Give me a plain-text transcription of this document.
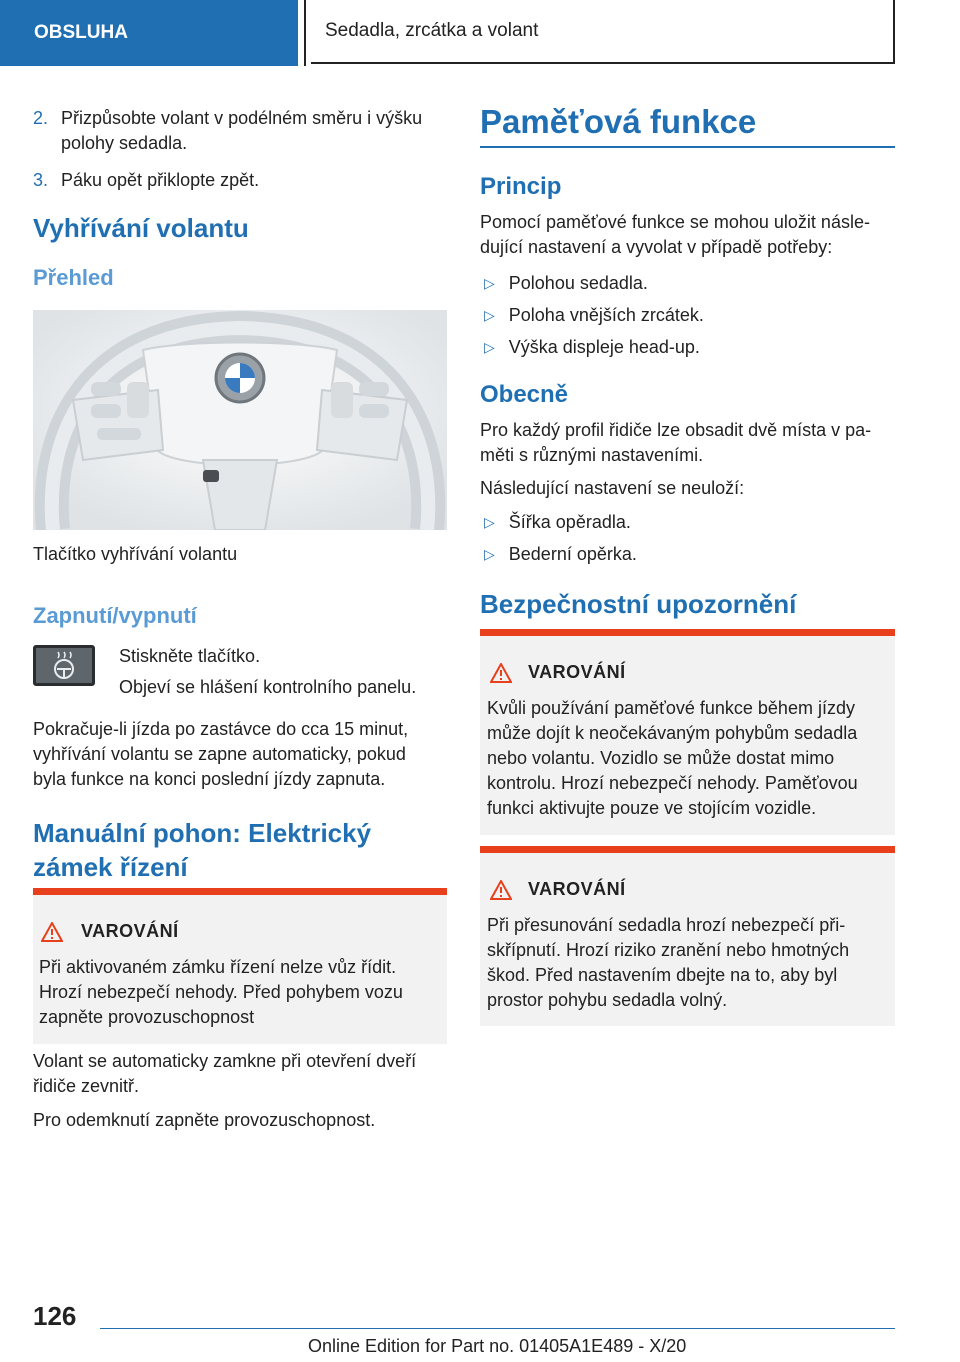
OBSLUHA	Sedadla, zrcátka a volant
2. Přizpůsobte volant v podélném směru i výšku
polohy sedadla.
3. Páku opět přiklopte zpět.
Vyhřívání volantu
Přehled
Tlačítko vyhřívání volantu
Zapnutí/vypnutí
Stiskněte tlačítko.
Objeví se hlášení kontrolního panelu.
Pokračuje-li jízda po zastávce do cca 15 minut,
vyhřívání volantu se zapne automaticky, pokud
byla funkce na konci poslední jízdy zapnuta.
Manuální pohon: Elektrický
zámek řízení
VAROVÁNÍ
Při aktivovaném zámku řízení nelze vůz řídit.
Hrozí nebezpečí nehody. Před pohybem vozu
zapněte provozuschopnost
Volant se automaticky zamkne při otevření dveří
řidiče zevnitř.
Pro odemknutí zapněte provozuschopnost.
Paměťová funkce
Princip
Pomocí paměťové funkce se mohou uložit násle-
dující nastavení a vyvolat v případě potřeby:
▷ Polohou sedadla.
▷ Poloha vnějších zrcátek.
▷ Výška displeje head-up.
Obecně
Pro každý profil řidiče lze obsadit dvě místa v pa-
měti s různými nastaveními.
Následující nastavení se neuloží:
▷ Šířka opěradla.
▷ Bederní opěrka.
Bezpečnostní upozornění
VAROVÁNÍ
Kvůli používání paměťové funkce během jízdy
může dojít k neočekávaným pohybům sedadla
nebo volantu. Vozidlo se může dostat mimo
kontrolu. Hrozí nebezpečí nehody. Paměťovou
funkci aktivujte pouze ve stojícím vozidle.
VAROVÁNÍ
Při přesunování sedadla hrozí nebezpečí při-
skřípnutí. Hrozí riziko zranění nebo hmotných
škod. Před nastavením dbejte na to, aby byl
prostor pohybu sedadla volný.
126
Online Edition for Part no. 01405A1E489 - X/20
